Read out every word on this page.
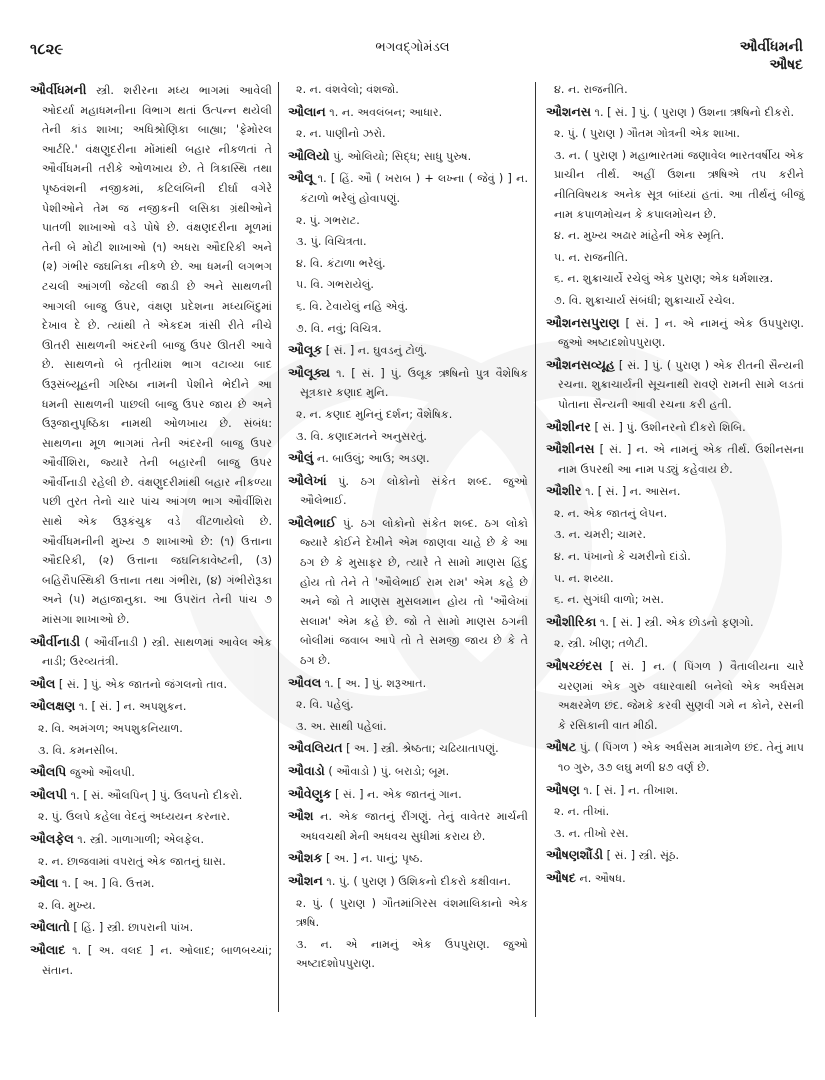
૧૮૨૯	ભગવદ્ગોમંડલ	ઔર્વીધમની
ઔષદ
ઔર્વીધમની સ્ત્રી. શરીરના મધ્ય ભાગમાં આવેલી ઓદર્યા મહાધમનીના વિભાગ થતાં ઉત્પન્ન થયેલી તેની કાંડ શાખા; અધિશ્રોણિકા બાહ્યા; 'ફેમોરલ આર્ટરિ.' વંક્ષણુદરીના મોંમાંથી બહાર નીકળતાં તે ઔર્વીધમની તરીકે ઓળખાય છે. તે ત્રિકાસ્થિ તથા પૃષ્ઠવંશની નજીકમાં, કટિલંબિની દીર્ઘા વગેરે પેશીઓને તેમ જ નજીકની લસિકા ગ્રંથીઓને પાતળી શાખાઓ વડે પોષે છે. વંક્ષણદરીના મૂળમાં તેની બે મોટી શાખાઓ (૧) અધરા ઔદરિકી અને (૨) ગંભીર જઘનિકા નીકળે છે. આ ધમની લગભગ ટચલી આંગળી જેટલી જાડી છે અને સાથળની આગલી બાજુ ઉપર, વંક્ષણ પ્રદેશના મધ્યબિંદુમાં દેખાવ દે છે. ત્યાંથી તે એકદમ ત્રાંસી રીતે નીચે ઊતરી સાથળની અંદરની બાજુ ઉપર ઊતરી આવે છે. સાથળનો બે તૃતીયાંશ ભાગ વટાવ્યા બાદ ઉરૂસંબ્યૂહની ગરિષ્ઠા નામની પેશીને ભેદીને આ ધમની સાથળની પાછલી બાજુ ઉપર જાય છે અને ઉરૂજાનુપૃષ્ઠિકા નામથી ઓળખાય છે. સંબંધ: સાથળના મૂળ ભાગમાં તેની અંદરની બાજુ ઉપર ઔર્વીશિરા, જ્યારે તેની બહારની બાજુ ઉપર ઔર્વીનાડી રહેલી છે. વંક્ષણુદરીમાંથી બહાર નીકળ્યા પછી તુરત તેનો ચાર પાંચ આંગળ ભાગ ઔર્વીશિરા સાથે એક ઉરૂકંચુક વડે વીંટળાયેલો છે. ઔર્વીધમનીની મુખ્ય ૭ શાખાઓ છે: (૧) ઉત્તાના ઔદરિકી, (૨) ઉત્તાના જઘનિકાવેષ્ટની, (૩) બહિરૌપસ્થિકી ઉત્તાના તથા ગંભીરા, (૪) ગંભીરોરૂકા અને (૫) મહાજાનુકા. આ ઉપરાંત તેની પાંચ ૭ માંસગા શાખાઓ છે.
ઔર્વીનાડી ( ઔર્વીનાડી ) સ્ત્રી. સાથળમાં આવેલ એક નાડી; ઉરવ્યતંત્રી.
ઔલ [ સં. ] પું. એક જાતનો જંગલનો તાવ.
ઔલક્ષણ ૧. [ સં. ] ન. અપશુકન.
૨. વિ. અમંગળ; અપશુકનિયાળ.
૩. વિ. કમનસીબ.
ઔલપિ જુઓ ઔલપી.
ઔલપી ૧. [ સં. ઔલપિન્ ] પું. ઉલપનો દીકરો.
૨. પું. ઉલપે કહેલા વેદનું અધ્યયન કરનાર.
ઔલફેલ ૧. સ્ત્રી. ગાળાગાળી; એલફેલ.
૨. ન. છાજવામાં વપરાતું એક જાતનું ઘાસ.
ઔલા ૧. [ અ. ] વિ. ઉત્તમ.
૨. વિ. મુખ્ય.
ઔલાતો [ હિં. ] સ્ત્રી. છાપરાની પાંખ.
ઔલાદ ૧. [ અ. વલદ ] ન. ઓલાદ; બાળબચ્ચાં; સંતાન.
૨. ન. વંશવેલો; વંશજો.
ઔલાન ૧. ન. અવલંબન; આધાર.
૨. ન. પાણીનો ઝરો.
ઔલિયો પું. ઓલિયો; સિદ્ધ; સાધુ પુરુષ.
ઔલૂ ૧. [ હિં. ઔ ( ખરાબ ) + લખ્ના ( જેવું ) ] ન. કંટાળો ભરેલું હોવાપણું.
૨. પું. ગભરાટ.
૩. પું. વિચિત્રતા.
૪. વિ. કંટાળા ભરેલું.
૫. વિ. ગભરાયેલું.
૬. વિ. ટેવાયેલું નહિ એવું.
૭. વિ. નવું; વિચિત્ર.
ઔલૂક [ સં. ] ન. ઘુવડનું ટોળું.
ઔલૂક્ય ૧. [ સં. ] પું. ઉલૂક ઋષિનો પુત્ર વૈશેષિક સૂત્રકાર કણાદ મુનિ.
૨. ન. કણાદ મુનિનું દર્શન; વૈશેષિક.
૩. વિ. કણાદમતને અનુસરતું.
ઔલું ન. બાઉલું; આઉ; અડણ.
ઔલેખાં પું. ઠગ લોકોનો સંકેત શબ્દ. જુઓ ઔલેભાઈ.
ઔલેભાઈ પું. ઠગ લોકોનો સંકેત શબ્દ. ઠગ લોકો જ્યારે કોઈને દેખીને એમ જાણવા ચાહે છે કે આ ઠગ છે કે મુસાફર છે, ત્યારે તે સામો માણસ હિંદુ હોય તો તેને તે 'ઔલેભાઈ રામ રામ' એમ કહે છે અને જો તે માણસ મુસલમાન હોય તો 'ઔલેખાં સલામ' એમ કહે છે. જો તે સામો માણસ ઠગની બોલીમાં જવાબ આપે તો તે સમજી જાય છે કે તે ઠગ છે.
ઔવલ ૧. [ અ. ] પું. શરૂઆત.
૨. વિ. પહેલું.
૩. અ. સાથી પહેલાં.
ઔવલિયત [ અ. ] સ્ત્રી. શ્રેષ્ઠતા; ચઢિયાતાપણું.
ઔવાડો ( ઔવાડો ) પું. બરાડો; બૂમ.
ઔવેણુક [ સં. ] ન. એક જાતનું ગાન.
ઔશ ન. એક જાતનું રીંગણું. તેનું વાવેતર માર્ચની અધવચથી મેની અધવચ સુધીમાં કરાય છે.
ઔશક [ અ. ] ન. પાનું; પૃષ્ઠ.
ઔશન ૧. પું. ( પુરાણ ) ઉશિકનો દીકરો કક્ષીવાન.
૨. પું. ( પુરાણ ) ગૌતમાંગિરસ વંશમાલિકાનો એક ઋષિ.
૩. ન. એ નામનું એક ઉપપુરાણ. જુઓ અષ્ટાદશોપપુરાણ.
૪. ન. રાજનીતિ.
ઔશનસ ૧. [ સં. ] પું. ( પુરાણ ) ઉશના ઋષિનો દીકરો.
૨. પું. ( પુરાણ ) ગૌતમ ગોત્રની એક શાખા.
૩. ન. ( પુરાણ ) મહાભારતમાં જણાવેલ ભારતવર્ષીય એક પ્રાચીન તીર્થ. અહીં ઉશના ઋષિએ તપ કરીને નીતિવિષયક અનેક સૂત્ર બાંધ્યાં હતાં. આ તીર્થનું બીજું નામ કપાળમોચન કે કપાલમોચન છે.
૪. ન. મુખ્ય અઢાર માંહેની એક સ્મૃતિ.
૫. ન. રાજનીતિ.
૬. ન. શુક્રાચાર્યે રચેલું એક પુરાણ; એક ધર્મશાસ્ત્ર.
૭. વિ. શુક્રાચાર્ય સંબંધી; શુક્રાચાર્યે રચેલ.
ઔશનસપુરાણ [ સં. ] ન. એ નામનું એક ઉપપુરાણ. જુઓ અષ્ટાદશોપપુરાણ.
ઔશનસવ્યૂહ [ સં. ] પું. ( પુરાણ ) એક રીતની સૈન્યની રચના. શુક્રાચાર્યની સૂચનાથી રાવણે રામની સામે લડતાં પોતાના સૈન્યની આવી રચના કરી હતી.
ઔશીનર [ સં. ] પું. ઉશીનરનો દીકરો શિબિ.
ઔશીનસ [ સં. ] ન. એ નામનું એક તીર્થ. ઉશીનસના નામ ઉપરથી આ નામ પડ્યું કહેવાય છે.
ઔશીર ૧. [ સં. ] ન. આસન.
૨. ન. એક જાતનું લેપન.
૩. ન. ચમરી; ચામર.
૪. ન. પંખાનો કે ચમરીનો દાંડો.
૫. ન. શય્યા.
૬. ન. સુગંધી વાળો; ખસ.
ઔશીરિકા ૧. [ સં. ] સ્ત્રી. એક છોડનો ફણગો.
૨. સ્ત્રી. ખીણ; તળેટી.
ઔષચ્છંદસ [ સં. ] ન. ( પિંગળ ) વૈતાલીયના ચારે ચરણમાં એક ગુરુ વધારવાથી બનેલો એક અર્ધસમ અક્ષરમેળ છંદ. જેમકે કરવી સુણવી ગમે ન કોને, રસની કે રસિકાની વાત મીઠી.
ઔષટ પું. ( પિંગળ ) એક અર્ધસમ માત્રામેળ છંદ. તેનું માપ ૧૦ ગુરુ, ૩૭ લઘુ મળી ૪૭ વર્ણ છે.
ઔષણ ૧. [ સં. ] ન. તીખાશ.
૨. ન. તીખાં.
૩. ન. તીખો રસ.
ઔષણશૌંડી [ સં. ] સ્ત્રી. સૂંઠ.
ઔષદ ન. ઔષધ.
